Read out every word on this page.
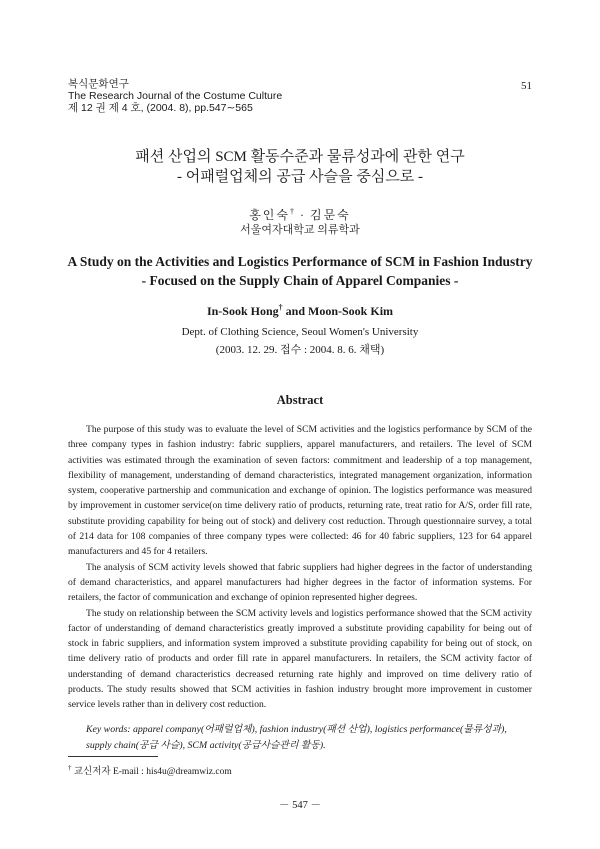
복식문화연구
The Research Journal of the Costume Culture
제 12 권 제 4 호, (2004. 8), pp.547∼565
51
패션 산업의 SCM 활동수준과 물류성과에 관한 연구
- 어패럴업체의 공급 사슬을 중심으로 -
홍인숙† · 김문숙
서울여자대학교 의류학과
A Study on the Activities and Logistics Performance of SCM in Fashion Industry
- Focused on the Supply Chain of Apparel Companies -
In-Sook Hong† and Moon-Sook Kim
Dept. of Clothing Science, Seoul Women's University
(2003. 12. 29. 접수 : 2004. 8. 6. 채택)
Abstract

The purpose of this study was to evaluate the level of SCM activities and the logistics performance by SCM of the three company types in fashion industry: fabric suppliers, apparel manufacturers, and retailers. The level of SCM activities was estimated through the examination of seven factors: commitment and leadership of a top management, flexibility of management, understanding of demand characteristics, integrated management organization, information system, cooperative partnership and communication and exchange of opinion. The logistics performance was measured by improvement in customer service(on time delivery ratio of products, returning rate, treat ratio for A/S, order fill rate, substitute providing capability for being out of stock) and delivery cost reduction. Through questionnaire survey, a total of 214 data for 108 companies of three company types were collected: 46 for 40 fabric suppliers, 123 for 64 apparel manufacturers and 45 for 4 retailers.

The analysis of SCM activity levels showed that fabric suppliers had higher degrees in the factor of understanding of demand characteristics, and apparel manufacturers had higher degrees in the factor of information systems. For retailers, the factor of communication and exchange of opinion represented higher degrees.

The study on relationship between the SCM activity levels and logistics performance showed that the SCM activity factor of understanding of demand characteristics greatly improved a substitute providing capability for being out of stock in fabric suppliers, and information system improved a substitute providing capability for being out of stock, on time delivery ratio of products and order fill rate in apparel manufacturers. In retailers, the SCM activity factor of understanding of demand characteristics decreased returning rate highly and improved on time delivery ratio of products. The study results showed that SCM activities in fashion industry brought more improvement in customer service levels rather than in delivery cost reduction.

Key words: apparel company(어패럴업체), fashion industry(패션 산업), logistics performance(물류성과), supply chain(공급 사슬), SCM activity(공급사슬관리 활동).
† 교신저자 E-mail : his4u@dreamwiz.com
－ 547 －
